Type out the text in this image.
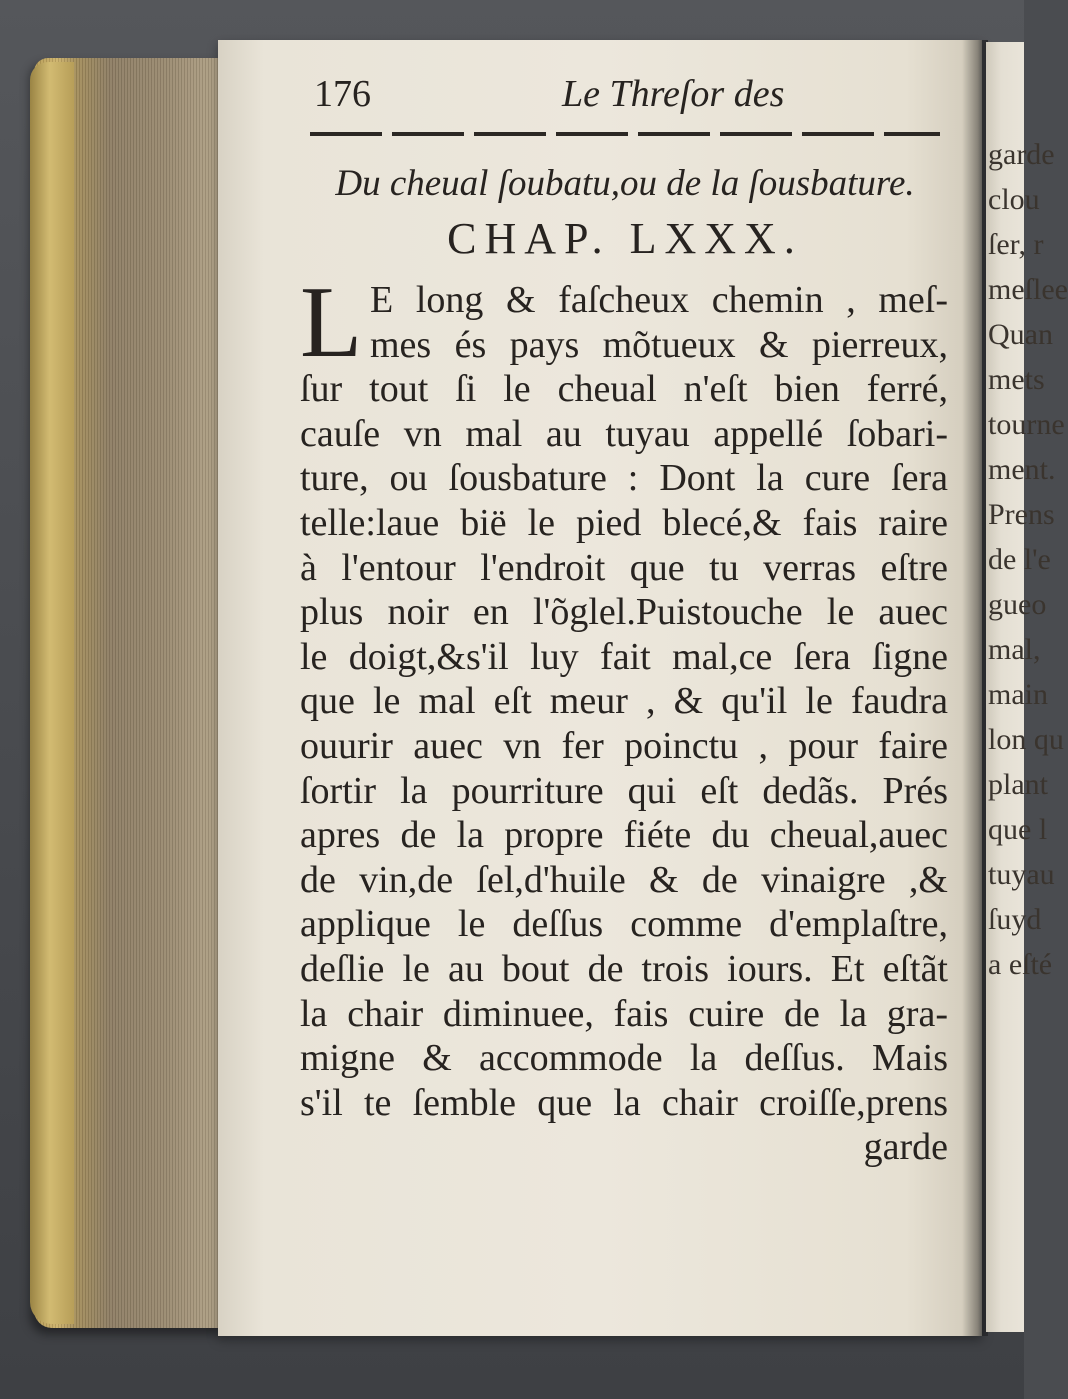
garde
clou
ſer, r
meſlee
Quan
mets
tourne
ment.
Prens
de l'e
gueo
mal,
main
lon qu
plant
que l
tuyau
ſuyd
a eſté
176	Le Threſor des
Du cheual ſoubatu,ou de la ſousbature.
CHAP. LXXX.
L E long & faſcheux chemin , meſ-
mes és pays mõtueux & pierreux,
ſur tout ſi le cheual n'eſt bien ferré,
cauſe vn mal au tuyau appellé ſobari-
ture, ou ſousbature : Dont la cure ſera
telle:laue bië le pied blecé,& fais raire
à l'entour l'endroit que tu verras eſtre
plus noir en l'õglel.Puistouche le auec
le doigt,&s'il luy fait mal,ce ſera ſigne
que le mal eſt meur , & qu'il le faudra
ouurir auec vn fer poinctu , pour faire
ſortir la pourriture qui eſt dedãs. Prés
apres de la propre fiéte du cheual,auec
de vin,de ſel,d'huile & de vinaigre ,&
applique le deſſus comme d'emplaſtre,
deſlie le au bout de trois iours. Et eſtãt
la chair diminuee, fais cuire de la gra-
migne & accommode la deſſus. Mais
s'il te ſemble que la chair croiſſe,prens
garde
